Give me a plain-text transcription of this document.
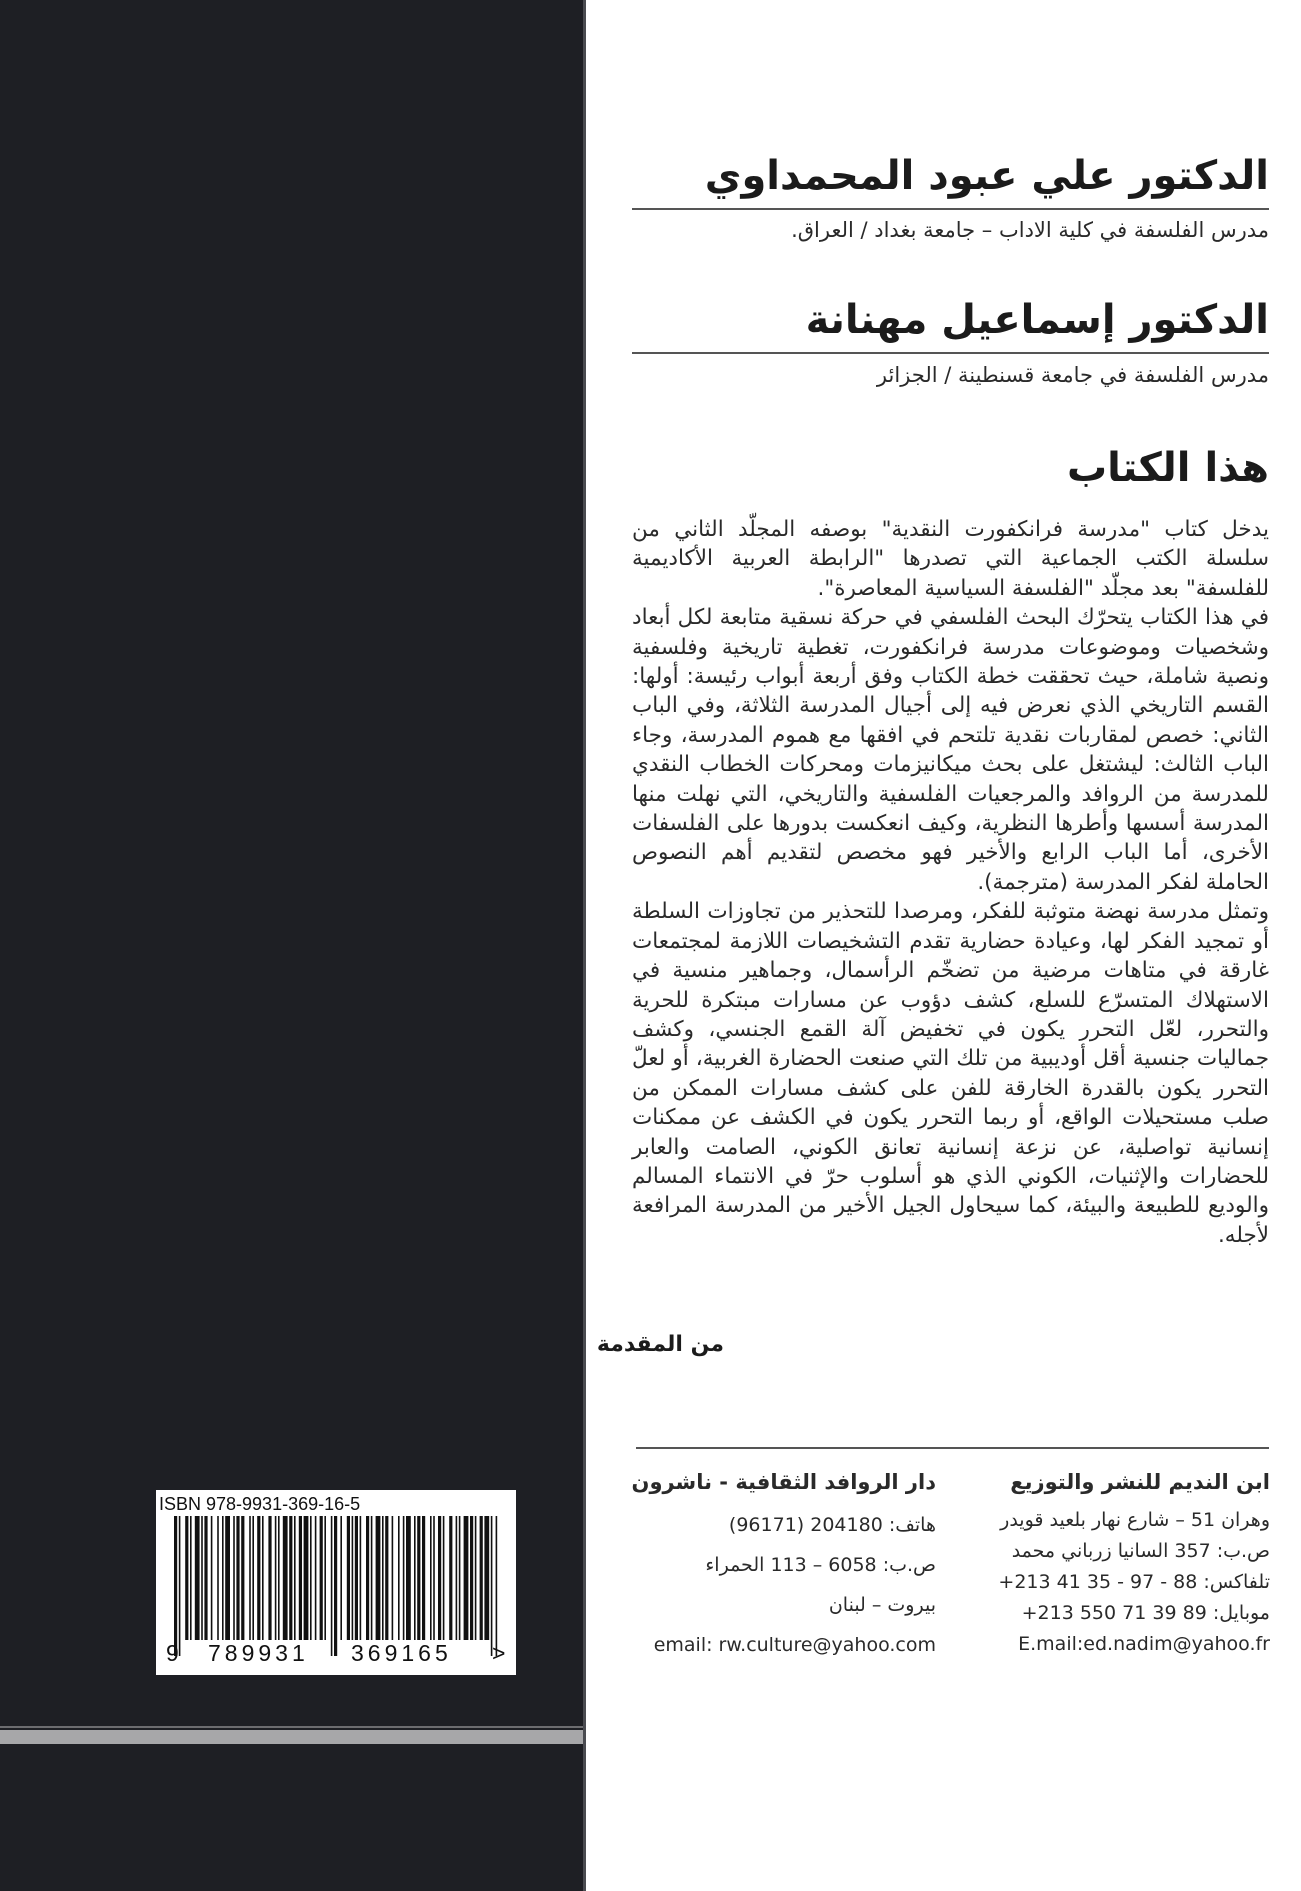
ISBN 978-9931-369-16-5
9 789931 369165 >
الدكتور علي عبود المحمداوي
مدرس الفلسفة في كلية الاداب – جامعة بغداد / العراق.
الدكتور إسماعيل مهنانة
مدرس الفلسفة في جامعة قسنطينة / الجزائر
هذا الكتاب

يدخل كتاب "مدرسة فرانكفورت النقدية" بوصفه المجلّد الثاني من سلسلة الكتب الجماعية التي تصدرها "الرابطة العربية الأكاديمية للفلسفة" بعد مجلّد "الفلسفة السياسية المعاصرة".

في هذا الكتاب يتحرّك البحث الفلسفي في حركة نسقية متابعة لكل أبعاد وشخصيات وموضوعات مدرسة فرانكفورت، تغطية تاريخية وفلسفية ونصية شاملة، حيث تحققت خطة الكتاب وفق أربعة أبواب رئيسة: أولها: القسم التاريخي الذي نعرض فيه إلى أجيال المدرسة الثلاثة، وفي الباب الثاني: خصص لمقاربات نقدية تلتحم في افقها مع هموم المدرسة، وجاء الباب الثالث: ليشتغل على بحث ميكانيزمات ومحركات الخطاب النقدي للمدرسة من الروافد والمرجعيات الفلسفية والتاريخي، التي نهلت منها المدرسة أسسها وأطرها النظرية، وكيف انعكست بدورها على الفلسفات الأخرى، أما الباب الرابع والأخير فهو مخصص لتقديم أهم النصوص الحاملة لفكر المدرسة (مترجمة).

وتمثل مدرسة نهضة متوثبة للفكر، ومرصدا للتحذير من تجاوزات السلطة أو تمجيد الفكر لها، وعيادة حضارية تقدم التشخيصات اللازمة لمجتمعات غارقة في متاهات مرضية من تضخّم الرأسمال، وجماهير منسية في الاستهلاك المتسرّع للسلع، كشف دؤوب عن مسارات مبتكرة للحرية والتحرر، لعّل التحرر يكون في تخفيض آلة القمع الجنسي، وكشف جماليات جنسية أقل أوديبية من تلك التي صنعت الحضارة الغربية، أو لعلّ التحرر يكون بالقدرة الخارقة للفن على كشف مسارات الممكن من صلب مستحيلات الواقع، أو ربما التحرر يكون في الكشف عن ممكنات إنسانية تواصلية، عن نزعة إنسانية تعانق الكوني، الصامت والعابر للحضارات والإثنيات، الكوني الذي هو أسلوب حرّ في الانتماء المسالم والوديع للطبيعة والبيئة، كما سيحاول الجيل الأخير من المدرسة المرافعة لأجله.

من المقدمة
ابن النديم للنشر والتوزيع
وهران 51 – شارع نهار بلعيد قويدر
ص.ب: 357 السانيا زرباني محمد
تلفاكس: 88 - 97 - 35 41 213+
موبايل: 89 39 71 550 213+
E.mail:ed.nadim@yahoo.fr
دار الروافد الثقافية - ناشرون
هاتف: 204180 (96171)
ص.ب: 6058 – 113 الحمراء
بيروت – لبنان
email: rw.culture@yahoo.com
